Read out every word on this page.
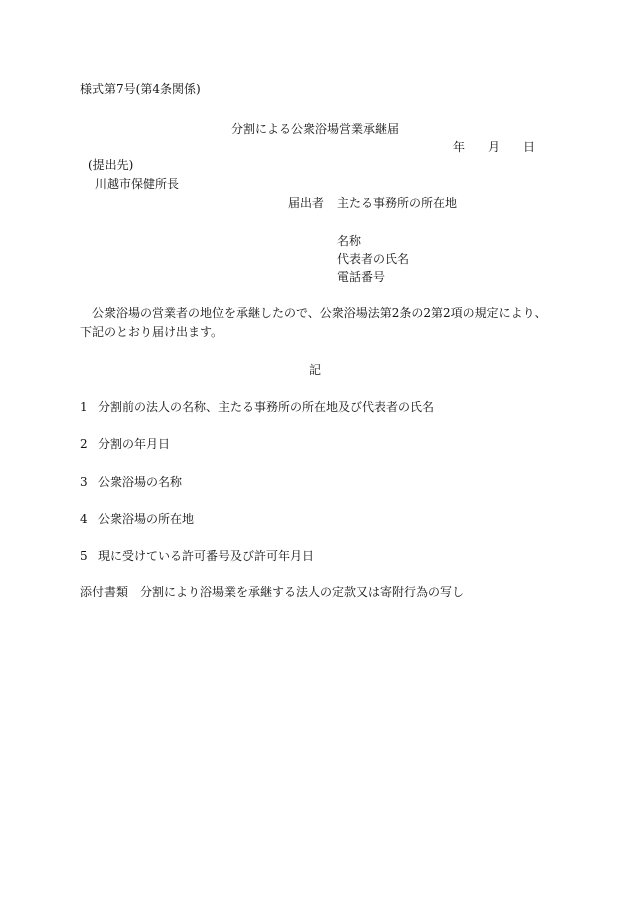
様式第7号(第4条関係)
分割による公衆浴場営業承継届
年 月 日
(提出先)
川越市保健所長
届出者 主たる事務所の所在地
名称
代表者の氏名
電話番号
公衆浴場の営業者の地位を承継したので、公衆浴場法第2条の2第2項の規定により、下記のとおり届け出ます。
記
1 分割前の法人の名称、主たる事務所の所在地及び代表者の氏名
2 分割の年月日
3 公衆浴場の名称
4 公衆浴場の所在地
5 現に受けている許可番号及び許可年月日
添付書類 分割により浴場業を承継する法人の定款又は寄附行為の写し
